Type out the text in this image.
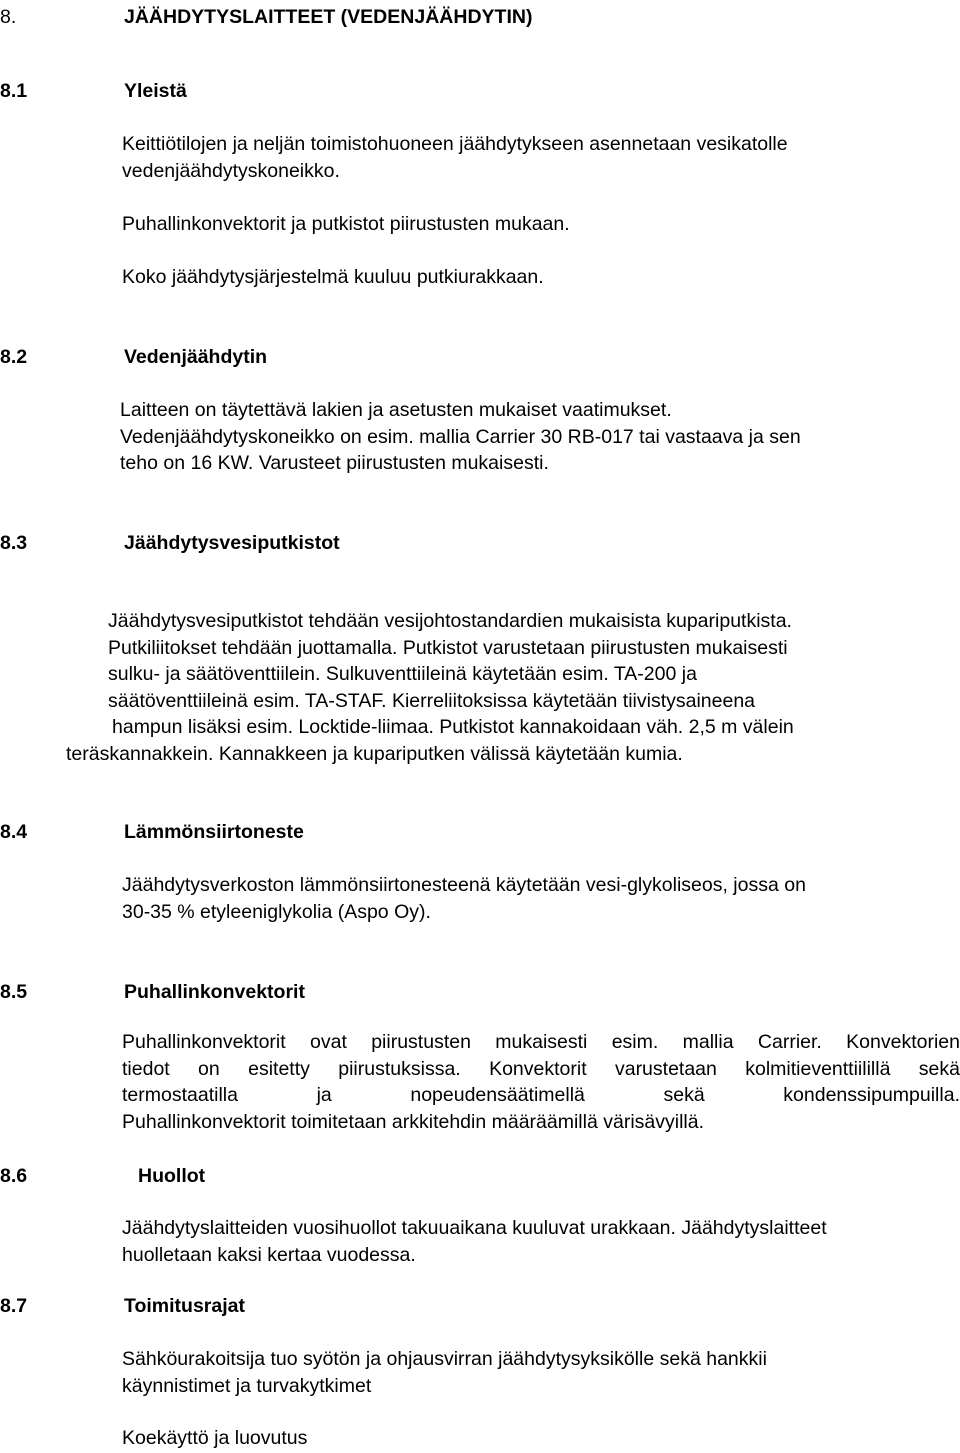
8.	JÄÄHDYTYSLAITTEET (VEDENJÄÄHDYTIN)
8.1	Yleistä
Keittiötilojen ja neljän toimistohuoneen jäähdytykseen asennetaan vesikatolle
vedenjäähdytyskoneikko.
Puhallinkonvektorit ja putkistot piirustusten mukaan.
Koko jäähdytysjärjestelmä kuuluu putkiurakkaan.
8.2	Vedenjäähdytin
Laitteen on täytettävä lakien ja asetusten mukaiset vaatimukset.
Vedenjäähdytyskoneikko on esim. mallia Carrier 30 RB-017 tai vastaava ja sen
teho on 16 KW. Varusteet piirustusten mukaisesti.
8.3	Jäähdytysvesiputkistot
Jäähdytysvesiputkistot tehdään vesijohtostandardien mukaisista kupariputkista.
Putkiliitokset tehdään juottamalla. Putkistot varustetaan piirustusten mukaisesti
sulku- ja säätöventtiilein. Sulkuventtiileinä käytetään esim. TA-200 ja
säätöventtiileinä esim. TA-STAF. Kierreliitoksissa käytetään tiivistysaineena
hampun lisäksi esim. Locktide-liimaa. Putkistot kannakoidaan väh. 2,5 m välein
teräskannakkein. Kannakkeen ja kupariputken välissä käytetään kumia.
8.4	Lämmönsiirtoneste
Jäähdytysverkoston lämmönsiirtonesteenä käytetään vesi-glykoliseos, jossa on
30-35 % etyleeniglykolia (Aspo Oy).
8.5	Puhallinkonvektorit
Puhallinkonvektorit ovat piirustusten mukaisesti esim. mallia Carrier. Konvektorien
tiedot on esitetty piirustuksissa. Konvektorit varustetaan kolmitieventtiilillä sekä
termostaatilla ja nopeudensäätimellä sekä kondenssipumpuilla.
Puhallinkonvektorit toimitetaan arkkitehdin määräämillä värisävyillä.
8.6	Huollot
Jäähdytyslaitteiden vuosihuollot takuuaikana kuuluvat urakkaan. Jäähdytyslaitteet
huolletaan kaksi kertaa vuodessa.
8.7	Toimitusrajat
Sähköurakoitsija tuo syötön ja ohjausvirran jäähdytysyksikölle sekä hankkii
käynnistimet ja turvakytkimet
Koekäyttö ja luovutus
